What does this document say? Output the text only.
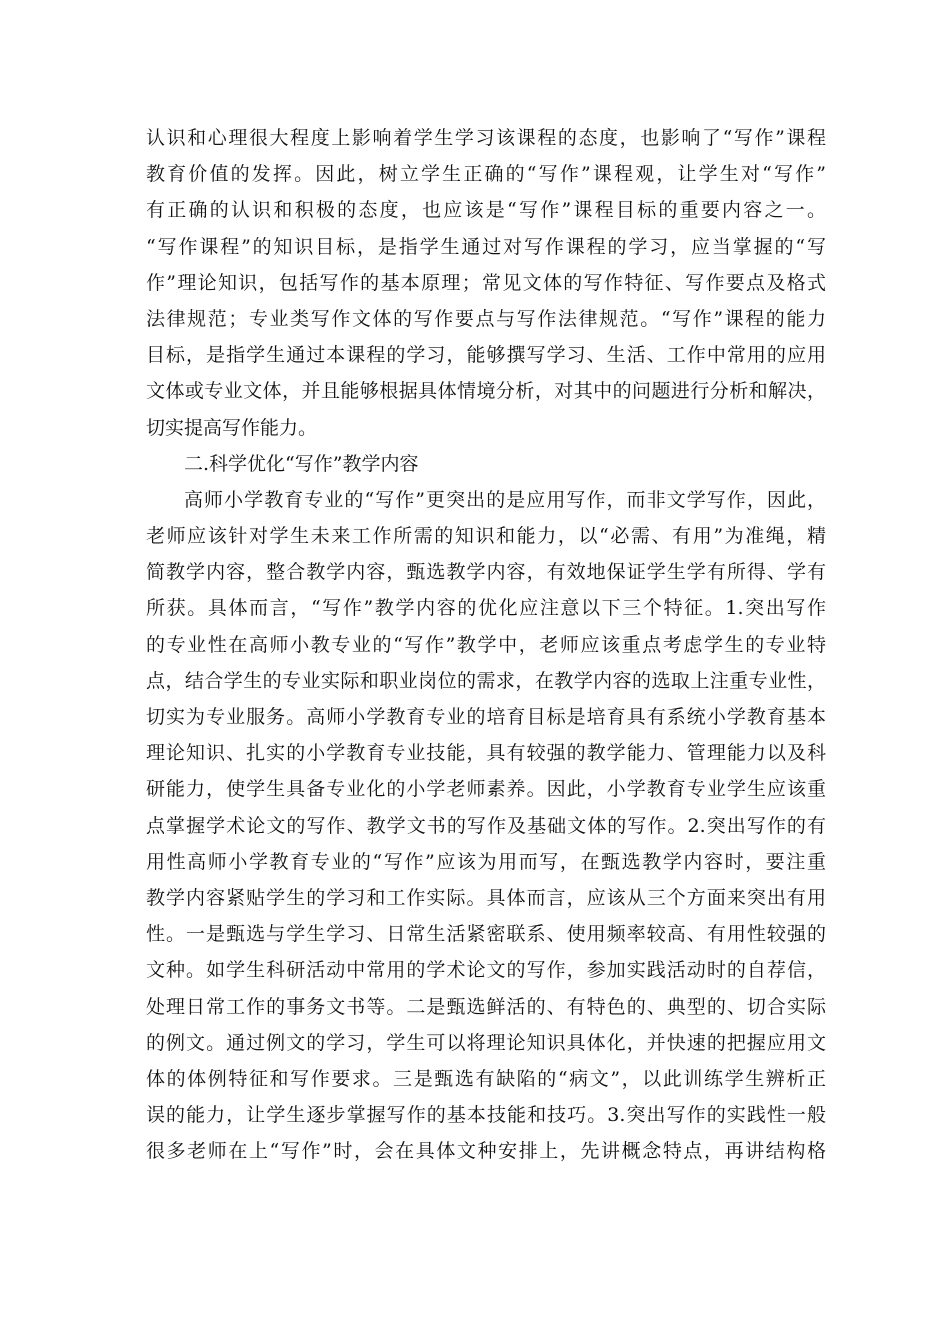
认识和心理很大程度上影响着学生学习该课程的态度，也影响了“写作”课程
教育价值的发挥。因此，树立学生正确的“写作”课程观，让学生对“写作”
有正确的认识和积极的态度，也应该是“写作”课程目标的重要内容之一。
“写作课程”的知识目标，是指学生通过对写作课程的学习，应当掌握的“写
作”理论知识，包括写作的基本原理；常见文体的写作特征、写作要点及格式
法律规范；专业类写作文体的写作要点与写作法律规范。“写作”课程的能力
目标，是指学生通过本课程的学习，能够撰写学习、生活、工作中常用的应用
文体或专业文体，并且能够根据具体情境分析，对其中的问题进行分析和解决，
切实提高写作能力。
二.科学优化“写作”教学内容
高师小学教育专业的“写作”更突出的是应用写作，而非文学写作，因此，
老师应该针对学生未来工作所需的知识和能力，以“必需、有用”为准绳，精
简教学内容，整合教学内容，甄选教学内容，有效地保证学生学有所得、学有
所获。具体而言，“写作”教学内容的优化应注意以下三个特征。1.突出写作
的专业性在高师小教专业的“写作”教学中，老师应该重点考虑学生的专业特
点，结合学生的专业实际和职业岗位的需求，在教学内容的选取上注重专业性，
切实为专业服务。高师小学教育专业的培育目标是培育具有系统小学教育基本
理论知识、扎实的小学教育专业技能，具有较强的教学能力、管理能力以及科
研能力，使学生具备专业化的小学老师素养。因此，小学教育专业学生应该重
点掌握学术论文的写作、教学文书的写作及基础文体的写作。2.突出写作的有
用性高师小学教育专业的“写作”应该为用而写，在甄选教学内容时，要注重
教学内容紧贴学生的学习和工作实际。具体而言，应该从三个方面来突出有用
性。一是甄选与学生学习、日常生活紧密联系、使用频率较高、有用性较强的
文种。如学生科研活动中常用的学术论文的写作，参加实践活动时的自荐信，
处理日常工作的事务文书等。二是甄选鲜活的、有特色的、典型的、切合实际
的例文。通过例文的学习，学生可以将理论知识具体化，并快速的把握应用文
体的体例特征和写作要求。三是甄选有缺陷的“病文”，以此训练学生辨析正
误的能力，让学生逐步掌握写作的基本技能和技巧。3.突出写作的实践性一般
很多老师在上“写作”时，会在具体文种安排上，先讲概念特点，再讲结构格
